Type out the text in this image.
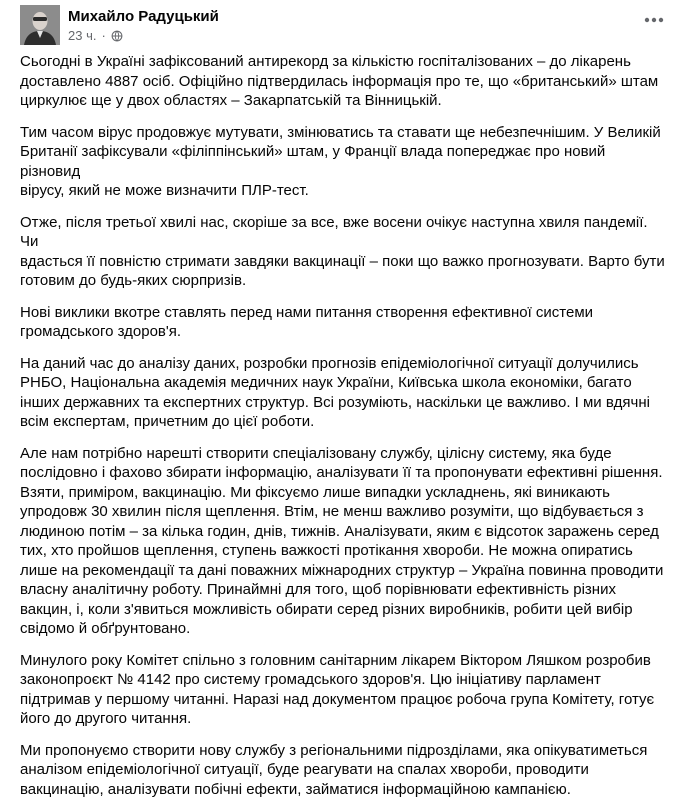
Михайло Радуцький
23 ч. ·

Сьогодні в Україні зафіксований антирекорд за кількістю госпіталізованих – до лікарень
доставлено 4887 осіб. Офіційно підтвердилась інформація про те, що «британський» штам
циркулює ще у двох областях – Закарпатській та Вінницькій.

Тим часом вірус продовжує мутувати, змінюватись та ставати ще небезпечнішим. У Великій
Британії зафіксували «філіппінський» штам, у Франції влада попереджає про новий різновид
вірусу, який не може визначити ПЛР-тест.

Отже, після третьої хвилі нас, скоріше за все, вже восени очікує наступна хвиля пандемії. Чи
вдасться її повністю стримати завдяки вакцинації – поки що важко прогнозувати. Варто бути
готовим до будь-яких сюрпризів.

Нові виклики вкотре ставлять перед нами питання створення ефективної системи
громадського здоров'я.

На даний час до аналізу даних, розробки прогнозів епідеміологічної ситуації долучились
РНБО, Національна академія медичних наук України, Київська школа економіки, багато
інших державних та експертних структур. Всі розуміють, наскільки це важливо. І ми вдячні
всім експертам, причетним до цієї роботи.

Але нам потрібно нарешті створити спеціалізовану службу, цілісну систему, яка буде
послідовно і фахово збирати інформацію, аналізувати її та пропонувати ефективні рішення.
Взяти, приміром, вакцинацію. Ми фіксуємо лише випадки ускладнень, які виникають
упродовж 30 хвилин після щеплення. Втім, не менш важливо розуміти, що відбувається з
людиною потім – за кілька годин, днів, тижнів. Аналізувати, яким є відсоток заражень серед
тих, хто пройшов щеплення, ступень важкості протікання хвороби. Не можна опиратись
лише на рекомендації та дані поважних міжнародних структур – Україна повинна проводити
власну аналітичну роботу. Принаймні для того, щоб порівнювати ефективність різних
вакцин, і, коли з'явиться можливість обирати серед різних виробників, робити цей вибір
свідомо й обґрунтовано.

Минулого року Комітет спільно з головним санітарним лікарем Віктором Ляшком розробив
законопроєкт № 4142 про систему громадського здоров'я. Цю ініціативу парламент
підтримав у першому читанні. Наразі над документом працює робоча група Комітету, готує
його до другого читання.

Ми пропонуємо створити нову службу з регіональними підрозділами, яка опікуватиметься
аналізом епідеміологічної ситуації, буде реагувати на спалах хвороби, проводити
вакцинацію, аналізувати побічні ефекти, займатися інформаційною кампанією.
